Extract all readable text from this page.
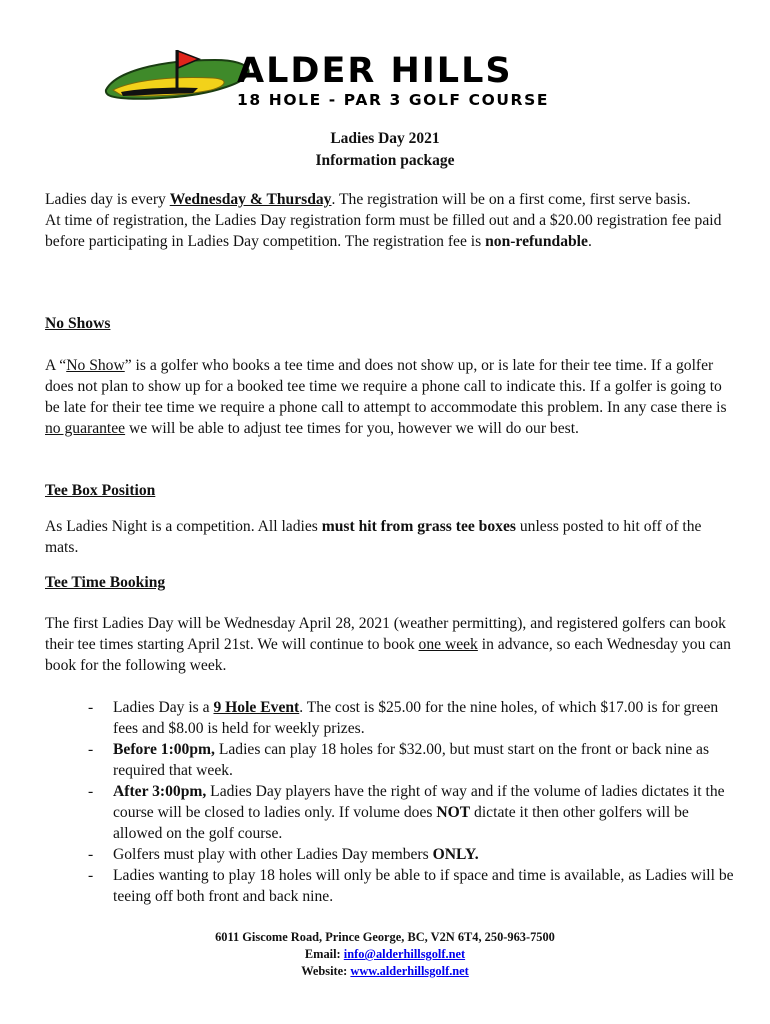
ALDER HILLS
18 HOLE - PAR 3 GOLF COURSE
Ladies Day 2021
Information package

Ladies day is every Wednesday & Thursday. The registration will be on a first come, first serve basis.

At time of registration, the Ladies Day registration form must be filled out and a $20.00 registration fee paid before participating in Ladies Day competition. The registration fee is non-refundable.

No Shows

A “No Show” is a golfer who books a tee time and does not show up, or is late for their tee time. If a golfer does not plan to show up for a booked tee time we require a phone call to indicate this. If a golfer is going to be late for their tee time we require a phone call to attempt to accommodate this problem. In any case there is no guarantee we will be able to adjust tee times for you, however we will do our best.

Tee Box Position

As Ladies Night is a competition. All ladies must hit from grass tee boxes unless posted to hit off of the mats.

Tee Time Booking

The first Ladies Day will be Wednesday April 28, 2021 (weather permitting), and registered golfers can book their tee times starting April 21st. We will continue to book one week in advance, so each Wednesday you can book for the following week.

- Ladies Day is a 9 Hole Event. The cost is $25.00 for the nine holes, of which $17.00 is for green fees and $8.00 is held for weekly prizes.
- Before 1:00pm, Ladies can play 18 holes for $32.00, but must start on the front or back nine as required that week.
- After 3:00pm, Ladies Day players have the right of way and if the volume of ladies dictates it the course will be closed to ladies only. If volume does NOT dictate it then other golfers will be allowed on the golf course.
- Golfers must play with other Ladies Day members ONLY.
- Ladies wanting to play 18 holes will only be able to if space and time is available, as Ladies will be teeing off both front and back nine.
6011 Giscome Road, Prince George, BC, V2N 6T4, 250-963-7500
Email: info@alderhillsgolf.net
Website: www.alderhillsgolf.net
